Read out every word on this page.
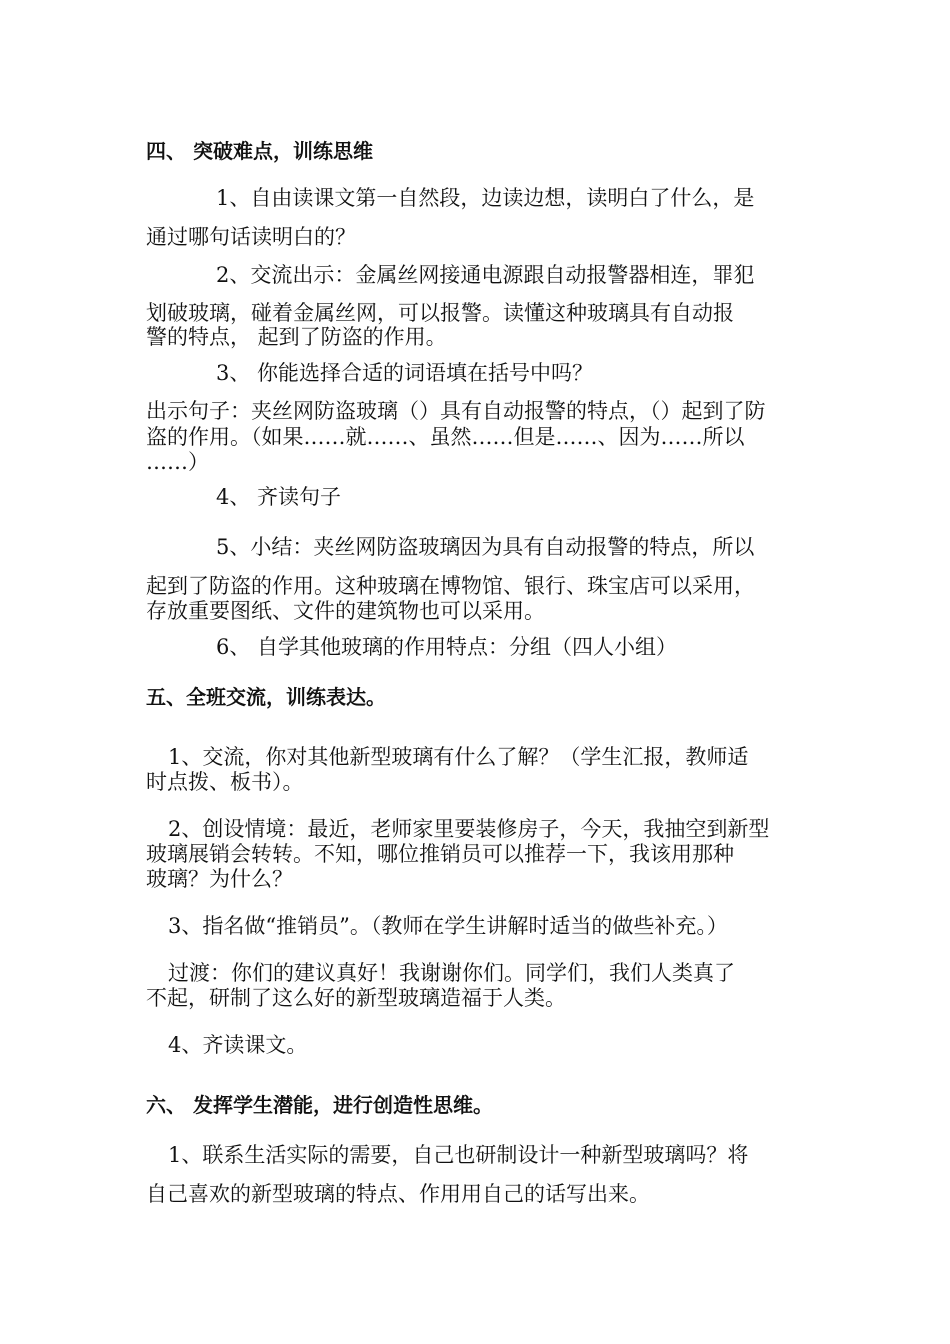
四、 突破难点，训练思维

1、自由读课文第一自然段，边读边想，读明白了什么，是

通过哪句话读明白的？

2、交流出示：金属丝网接通电源跟自动报警器相连，罪犯

划破玻璃，碰着金属丝网，可以报警。读懂这种玻璃具有自动报

警的特点， 起到了防盗的作用。

3、 你能选择合适的词语填在括号中吗？

出示句子：夹丝网防盗玻璃（）具有自动报警的特点，（）起到了防

盗的作用。（如果……就……、虽然……但是……、因为……所以

……）

4、 齐读句子

5、小结：夹丝网防盗玻璃因为具有自动报警的特点，所以

起到了防盗的作用。这种玻璃在博物馆、银行、珠宝店可以采用，

存放重要图纸、文件的建筑物也可以采用。

6、 自学其他玻璃的作用特点：分组（四人小组）

五、全班交流，训练表达。

1、交流，你对其他新型玻璃有什么了解？（学生汇报，教师适

时点拨、板书）。

2、创设情境：最近，老师家里要装修房子，今天，我抽空到新型

玻璃展销会转转。不知，哪位推销员可以推荐一下，我该用那种

玻璃？为什么？

3、指名做“推销员”。（教师在学生讲解时适当的做些补充。）

过渡：你们的建议真好！我谢谢你们。同学们，我们人类真了

不起，研制了这么好的新型玻璃造福于人类。

4、齐读课文。

六、 发挥学生潜能，进行创造性思维。

1、联系生活实际的需要，自己也研制设计一种新型玻璃吗？将

自己喜欢的新型玻璃的特点、作用用自己的话写出来。
